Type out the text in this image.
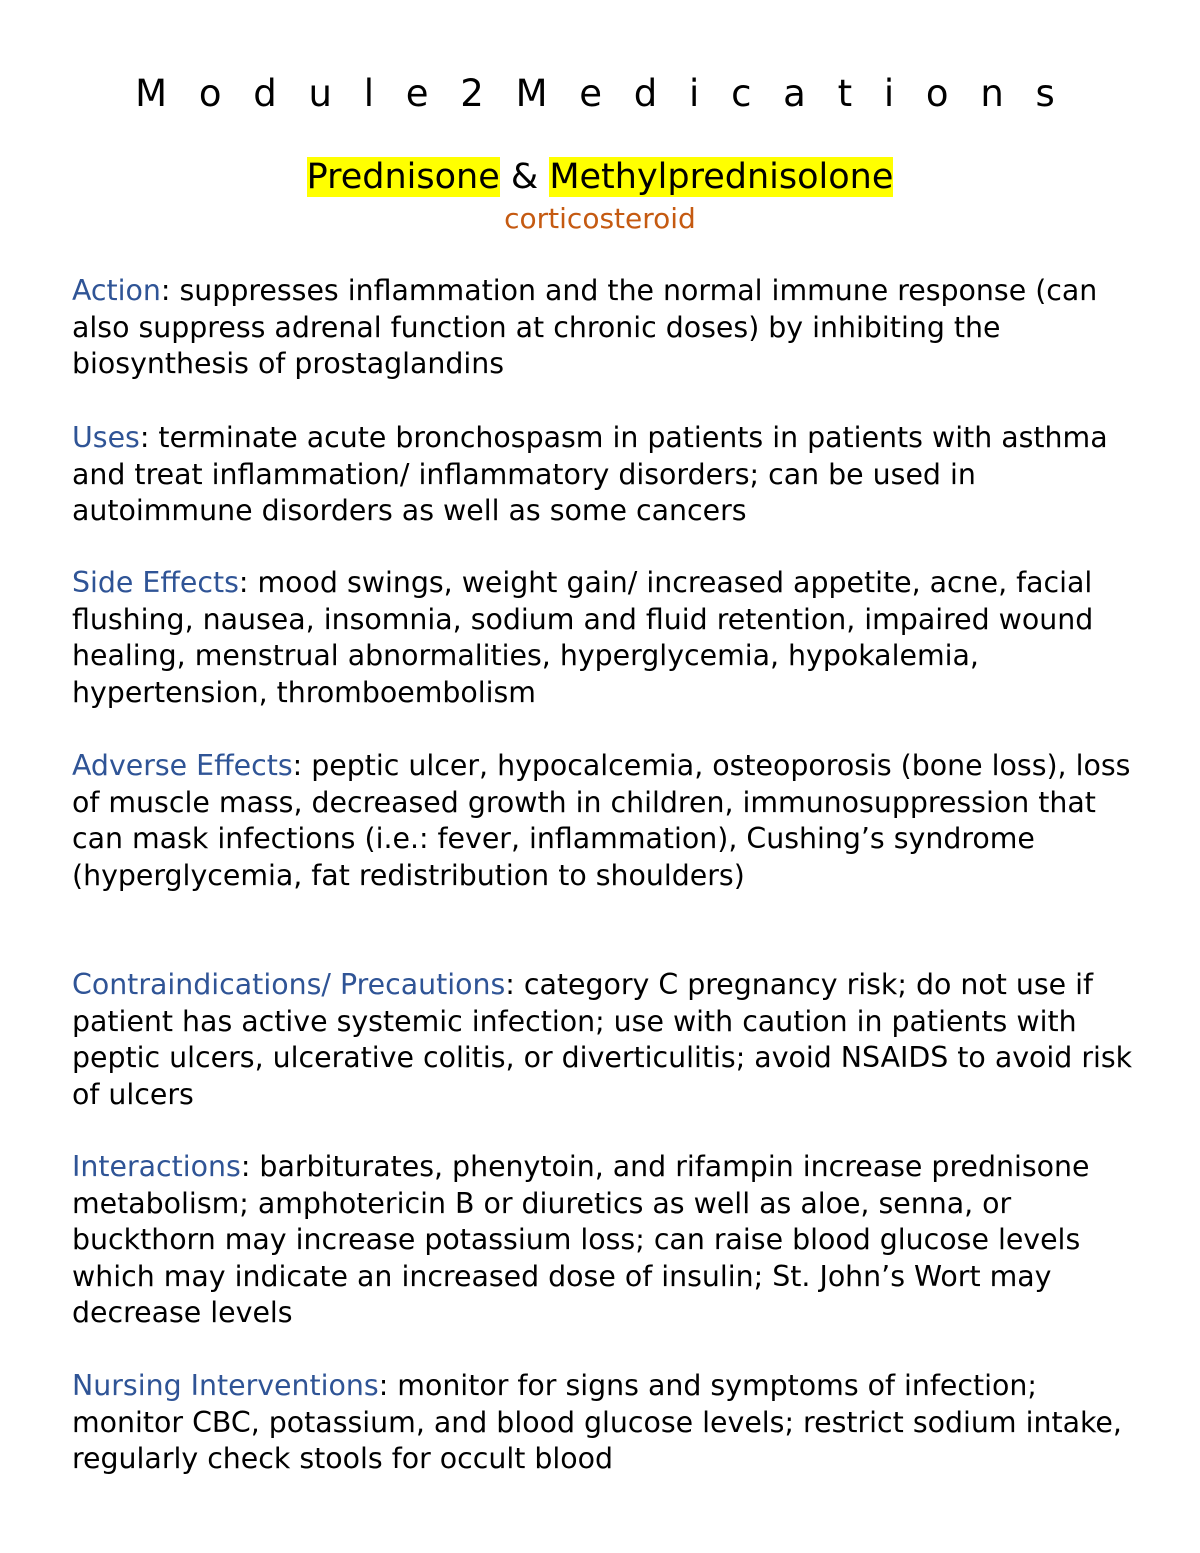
M o d u l e 2 M e d i c a t i o n s
Prednisone & Methylprednisolone
corticosteroid

Action: suppresses inflammation and the normal immune response (can also suppress adrenal function at chronic doses) by inhibiting the biosynthesis of prostaglandins

Uses: terminate acute bronchospasm in patients in patients with asthma and treat inflammation/ inflammatory disorders; can be used in autoimmune disorders as well as some cancers

Side Effects: mood swings, weight gain/ increased appetite, acne, facial flushing, nausea, insomnia, sodium and fluid retention, impaired wound healing, menstrual abnormalities, hyperglycemia, hypokalemia, hypertension, thromboembolism

Adverse Effects: peptic ulcer, hypocalcemia, osteoporosis (bone loss), loss of muscle mass, decreased growth in children, immunosuppression that can mask infections (i.e.: fever, inflammation), Cushing’s syndrome (hyperglycemia, fat redistribution to shoulders)

Contraindications/ Precautions: category C pregnancy risk; do not use if patient has active systemic infection; use with caution in patients with peptic ulcers, ulcerative colitis, or diverticulitis; avoid NSAIDS to avoid risk of ulcers

Interactions: barbiturates, phenytoin, and rifampin increase prednisone metabolism; amphotericin B or diuretics as well as aloe, senna, or buckthorn may increase potassium loss; can raise blood glucose levels which may indicate an increased dose of insulin; St. John’s Wort may decrease levels

Nursing Interventions: monitor for signs and symptoms of infection; monitor CBC, potassium, and blood glucose levels; restrict sodium intake, regularly check stools for occult blood
